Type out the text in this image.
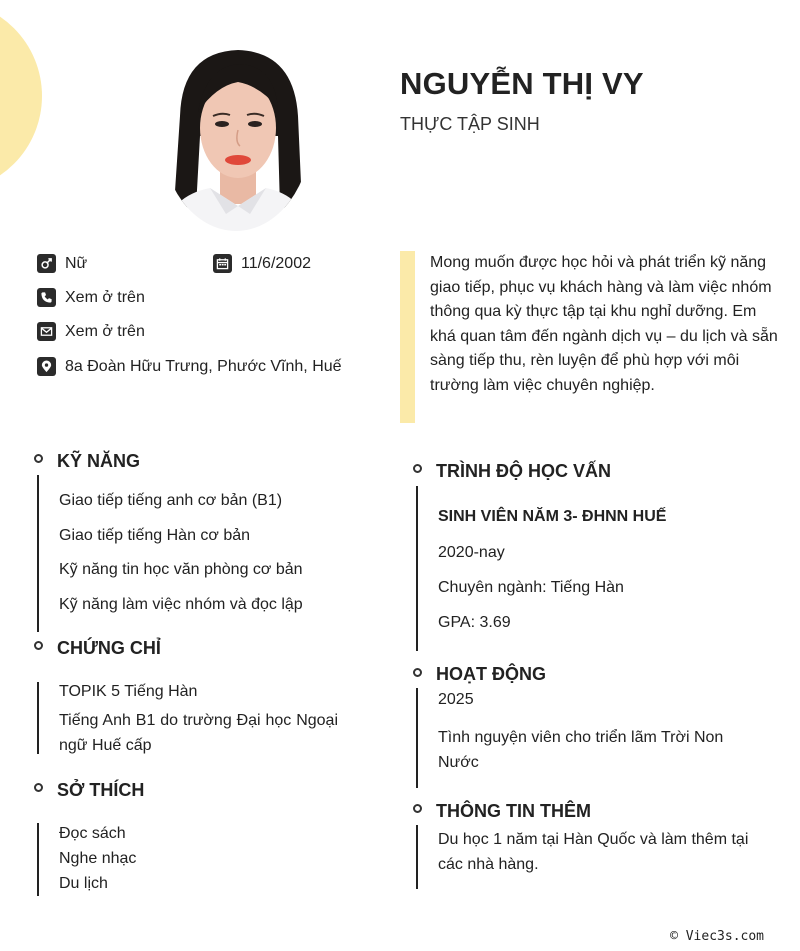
NGUYỄN THỊ VY
THỰC TẬP SINH
Nữ	11/6/2002
Xem ở trên
Xem ở trên
8a Đoàn Hữu Trưng, Phước Vĩnh, Huế
Mong muốn được học hỏi và phát triển kỹ năng giao tiếp, phục vụ khách hàng và làm việc nhóm thông qua kỳ thực tập tại khu nghỉ dưỡng. Em khá quan tâm đến ngành dịch vụ – du lịch và sẵn sàng tiếp thu, rèn luyện để phù hợp với môi trường làm việc chuyên nghiệp.
KỸ NĂNG
Giao tiếp tiếng anh cơ bản (B1)
Giao tiếp tiếng Hàn cơ bản
Kỹ năng tin học văn phòng cơ bản
Kỹ năng làm việc nhóm và đọc lập
CHỨNG CHỈ
TOPIK 5 Tiếng Hàn
Tiếng Anh B1 do trường Đại học Ngoại ngữ Huế cấp
SỞ THÍCH
Đọc sách
Nghe nhạc
Du lịch
TRÌNH ĐỘ HỌC VẤN
SINH VIÊN NĂM 3- ĐHNN HUẾ
2020-nay
Chuyên ngành: Tiếng Hàn
GPA: 3.69
HOẠT ĐỘNG
2025
Tình nguyện viên cho triển lãm Trời Non Nước
THÔNG TIN THÊM
Du học 1 năm tại Hàn Quốc và làm thêm tại các nhà hàng.
© Viec3s.com
